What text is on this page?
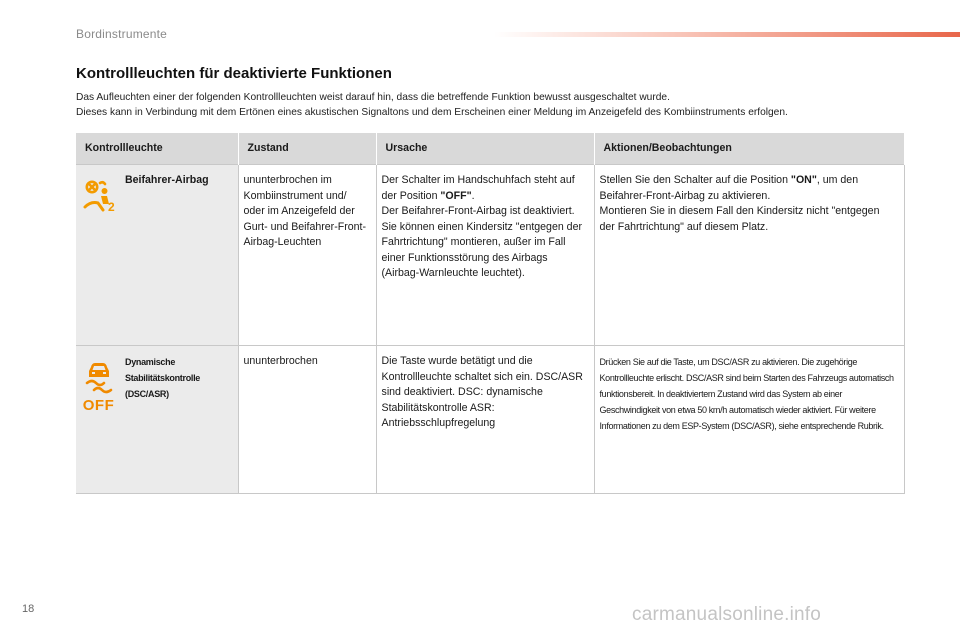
Bordinstrumente
Kontrollleuchten für deaktivierte Funktionen

Das Aufleuchten einer der folgenden Kontrollleuchten weist darauf hin, dass die betreffende Funktion bewusst ausgeschaltet wurde.

Dieses kann in Verbindung mit dem Ertönen eines akustischen Signaltons und dem Erscheinen einer Meldung im Anzeigefeld des Kombiinstruments erfolgen.

Kontrollleuchte		Zustand	Ursache	Aktionen/Beobachtungen

2	Beifahrer-Airbag	ununterbrochen im Kombiinstrument und/ oder im Anzeigefeld der Gurt- und Beifahrer-Front-Airbag-Leuchten	Der Schalter im Handschuhfach steht auf der Position "OFF".
Der Beifahrer-Front-Airbag ist deaktiviert. Sie können einen Kindersitz "entgegen der Fahrtrichtung" montieren, außer im Fall einer Funktionsstörung des Airbags (Airbag-Warnleuchte leuchtet).	Stellen Sie den Schalter auf die Position "ON", um den Beifahrer-Front-Airbag zu aktivieren.
Montieren Sie in diesem Fall den Kindersitz nicht "entgegen der Fahrtrichtung" auf diesem Platz.

OFF	Dynamische Stabilitätskontrolle (DSC/ASR)	ununterbrochen	Die Taste wurde betätigt und die Kontrollleuchte schaltet sich ein. DSC/ASR sind deaktiviert. DSC: dynamische Stabilitätskontrolle ASR: Antriebsschlupfregelung	Drücken Sie auf die Taste, um DSC/ASR zu aktivieren. Die zugehörige Kontrollleuchte erlischt. DSC/ASR sind beim Starten des Fahrzeugs automatisch funktionsbereit. In deaktiviertem Zustand wird das System ab einer Geschwindigkeit von etwa 50 km/h automatisch wieder aktiviert. Für weitere Informationen zu dem ESP-System (DSC/ASR), siehe entsprechende Rubrik.
18	carmanualsonline.info
